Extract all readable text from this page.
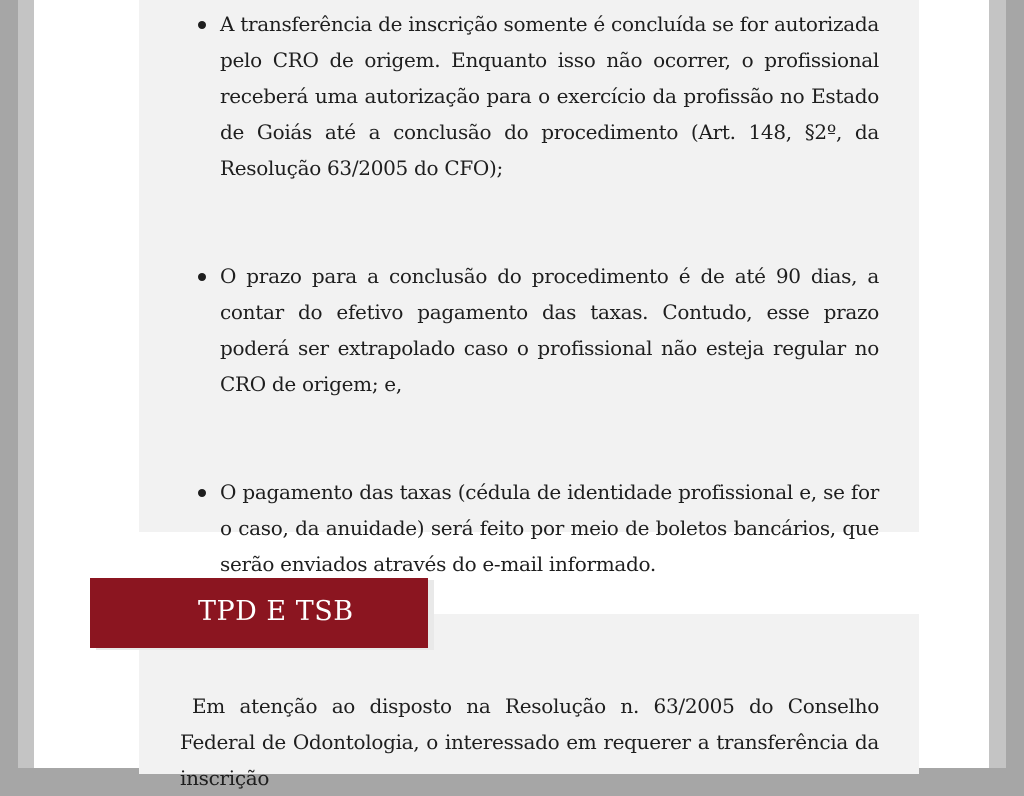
A transferência de inscrição somente é concluída se for autorizada pelo CRO de origem. Enquanto isso não ocorrer, o profissional receberá uma autorização para o exercício da profissão no Estado de Goiás até a conclusão do procedimento (Art. 148, §2º, da Resolução 63/2005 do CFO);
O prazo para a conclusão do procedimento é de até 90 dias, a contar do efetivo pagamento das taxas. Contudo, esse prazo poderá ser extrapolado caso o profissional não esteja regular no CRO de origem; e,
O pagamento das taxas (cédula de identidade profissional e, se for o caso, da anuidade) será feito por meio de boletos bancários, que serão enviados através do e-mail informado.
TPD E TSB

Em atenção ao disposto na Resolução n. 63/2005 do Conselho Federal de Odontologia, o interessado em requerer a transferência da inscrição
